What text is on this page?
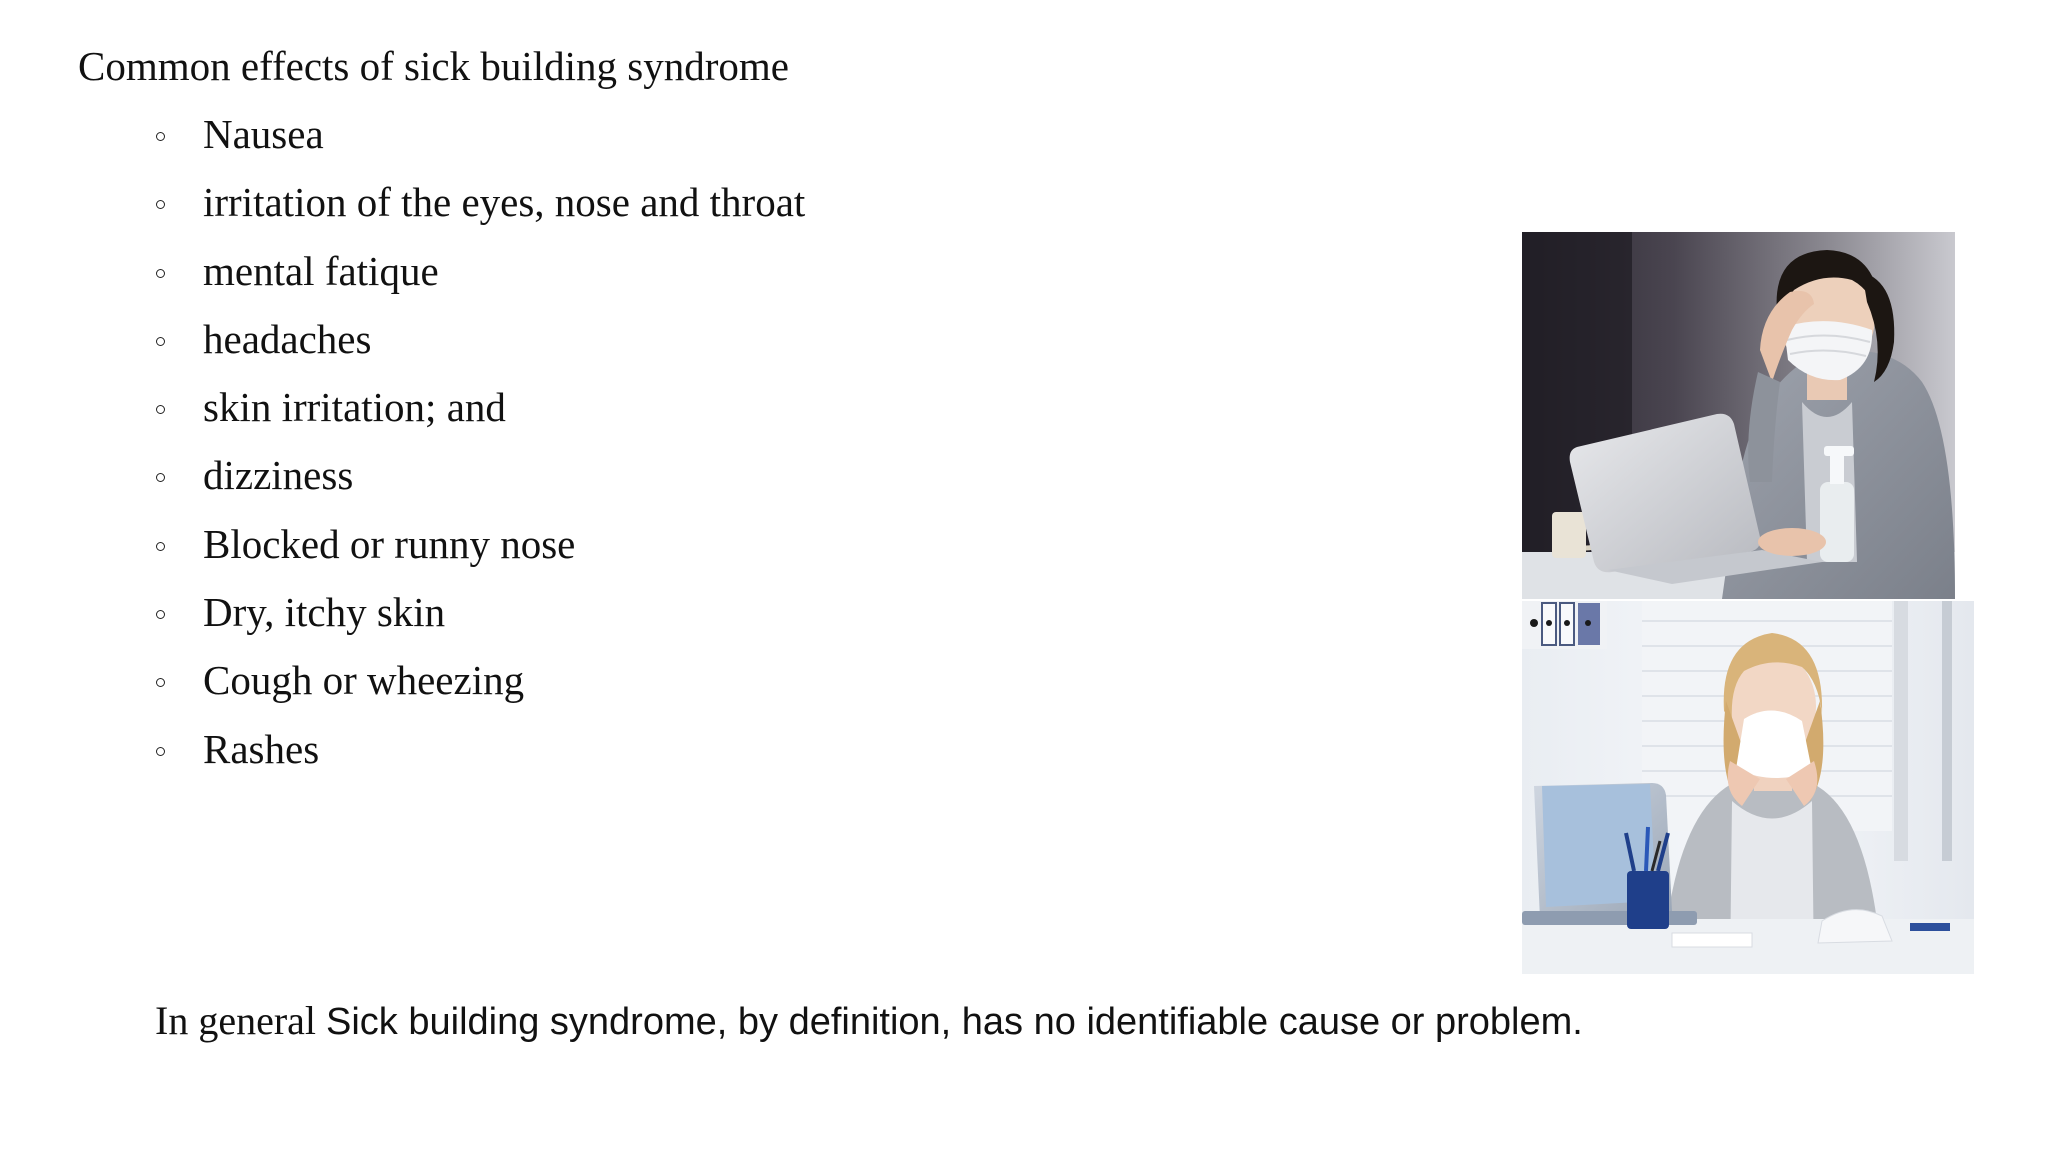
Common effects of sick building syndrome
Nausea
irritation of the eyes, nose and throat
mental fatique
headaches
skin irritation; and
dizziness
Blocked or runny nose
Dry, itchy skin
Cough or wheezing
Rashes
In general Sick building syndrome, by definition, has no identifiable cause or problem.
